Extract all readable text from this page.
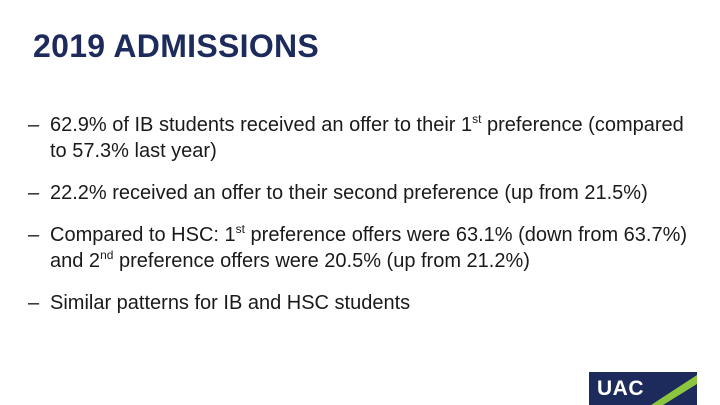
2019 ADMISSIONS
– 62.9% of IB students received an offer to their 1st preference (compared to 57.3% last year)
– 22.2% received an offer to their second preference (up from 21.5%)
– Compared to HSC: 1st preference offers were 63.1% (down from 63.7%) and 2nd preference offers were 20.5% (up from 21.2%)
– Similar patterns for IB and HSC students
UAC
